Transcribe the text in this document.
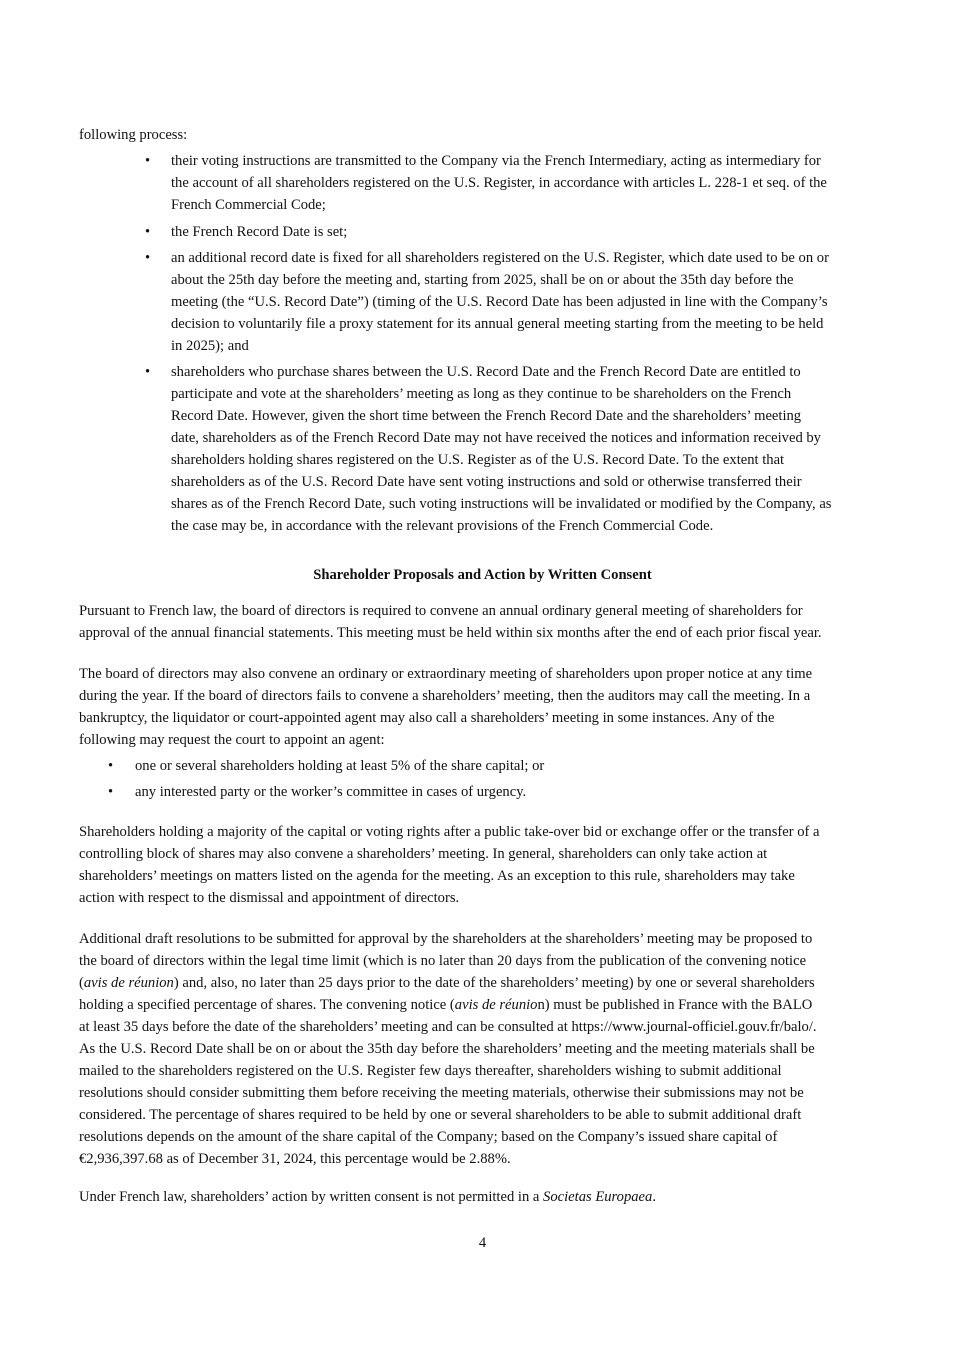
following process:
• their voting instructions are transmitted to the Company via the French Intermediary, acting as intermediary for
the account of all shareholders registered on the U.S. Register, in accordance with articles L. 228-1 et seq. of the
French Commercial Code;
• the French Record Date is set;
• an additional record date is fixed for all shareholders registered on the U.S. Register, which date used to be on or
about the 25th day before the meeting and, starting from 2025, shall be on or about the 35th day before the
meeting (the “U.S. Record Date”) (timing of the U.S. Record Date has been adjusted in line with the Company’s
decision to voluntarily file a proxy statement for its annual general meeting starting from the meeting to be held
in 2025); and
• shareholders who purchase shares between the U.S. Record Date and the French Record Date are entitled to
participate and vote at the shareholders’ meeting as long as they continue to be shareholders on the French
Record Date. However, given the short time between the French Record Date and the shareholders’ meeting
date, shareholders as of the French Record Date may not have received the notices and information received by
shareholders holding shares registered on the U.S. Register as of the U.S. Record Date. To the extent that
shareholders as of the U.S. Record Date have sent voting instructions and sold or otherwise transferred their
shares as of the French Record Date, such voting instructions will be invalidated or modified by the Company, as
the case may be, in accordance with the relevant provisions of the French Commercial Code.
Shareholder Proposals and Action by Written Consent
Pursuant to French law, the board of directors is required to convene an annual ordinary general meeting of shareholders for
approval of the annual financial statements. This meeting must be held within six months after the end of each prior fiscal year.
The board of directors may also convene an ordinary or extraordinary meeting of shareholders upon proper notice at any time
during the year. If the board of directors fails to convene a shareholders’ meeting, then the auditors may call the meeting. In a
bankruptcy, the liquidator or court-appointed agent may also call a shareholders’ meeting in some instances. Any of the
following may request the court to appoint an agent:
• one or several shareholders holding at least 5% of the share capital; or
• any interested party or the worker’s committee in cases of urgency.
Shareholders holding a majority of the capital or voting rights after a public take-over bid or exchange offer or the transfer of a
controlling block of shares may also convene a shareholders’ meeting. In general, shareholders can only take action at
shareholders’ meetings on matters listed on the agenda for the meeting. As an exception to this rule, shareholders may take
action with respect to the dismissal and appointment of directors.
Additional draft resolutions to be submitted for approval by the shareholders at the shareholders’ meeting may be proposed to
the board of directors within the legal time limit (which is no later than 20 days from the publication of the convening notice
(avis de réunion) and, also, no later than 25 days prior to the date of the shareholders’ meeting) by one or several shareholders
holding a specified percentage of shares. The convening notice (avis de réunion) must be published in France with the BALO
at least 35 days before the date of the shareholders’ meeting and can be consulted at https://www.journal-officiel.gouv.fr/balo/.
As the U.S. Record Date shall be on or about the 35th day before the shareholders’ meeting and the meeting materials shall be
mailed to the shareholders registered on the U.S. Register few days thereafter, shareholders wishing to submit additional
resolutions should consider submitting them before receiving the meeting materials, otherwise their submissions may not be
considered. The percentage of shares required to be held by one or several shareholders to be able to submit additional draft
resolutions depends on the amount of the share capital of the Company; based on the Company’s issued share capital of
€2,936,397.68 as of December 31, 2024, this percentage would be 2.88%.
Under French law, shareholders’ action by written consent is not permitted in a Societas Europaea.
4
